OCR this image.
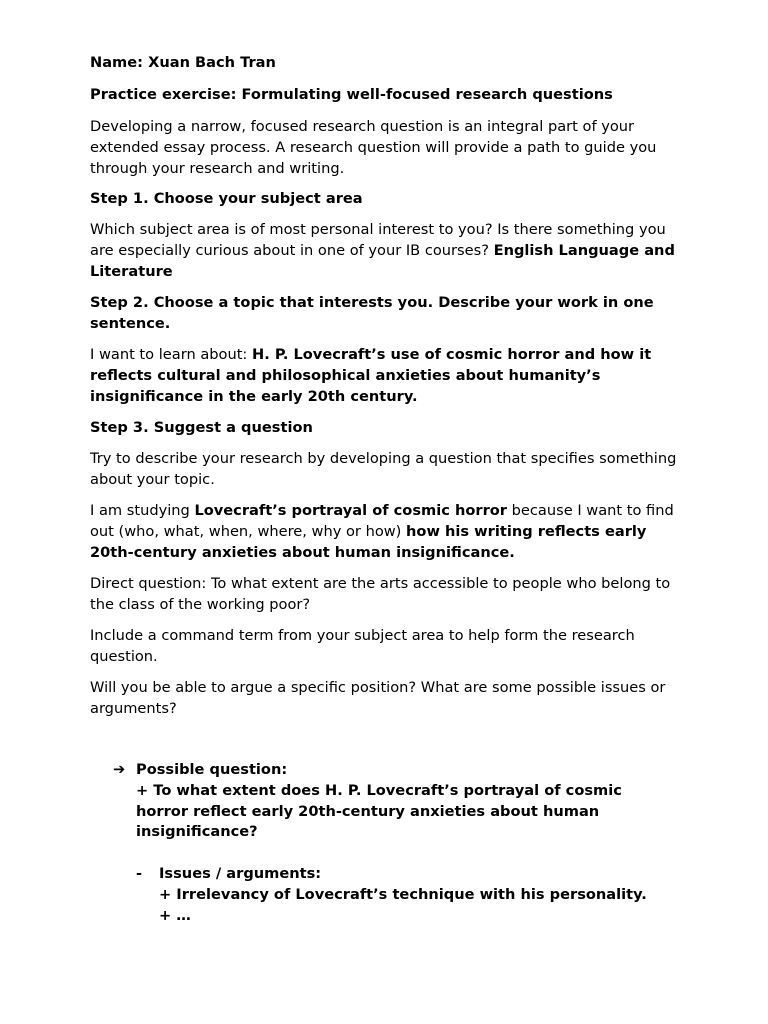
Name: Xuan Bach Tran

Practice exercise: Formulating well-focused research questions

Developing a narrow, focused research question is an integral part of your extended essay process. A research question will provide a path to guide you through your research and writing.

Step 1. Choose your subject area

Which subject area is of most personal interest to you? Is there something you are especially curious about in one of your IB courses? English Language and Literature

Step 2. Choose a topic that interests you. Describe your work in one sentence.

I want to learn about: H. P. Lovecraft’s use of cosmic horror and how it reflects cultural and philosophical anxieties about humanity’s insignificance in the early 20th century.

Step 3. Suggest a question

Try to describe your research by developing a question that specifies something about your topic.

I am studying Lovecraft’s portrayal of cosmic horror because I want to find out (who, what, when, where, why or how) how his writing reflects early 20th-century anxieties about human insignificance.

Direct question: To what extent are the arts accessible to people who belong to the class of the working poor?

Include a command term from your subject area to help form the research question.

Will you be able to argue a specific position? What are some possible issues or arguments?

➔ Possible question:
+ To what extent does H. P. Lovecraft’s portrayal of cosmic horror reflect early 20th-century anxieties about human insignificance?
-	Issues / arguments:
+ Irrelevancy of Lovecraft’s technique with his personality.
+ …
